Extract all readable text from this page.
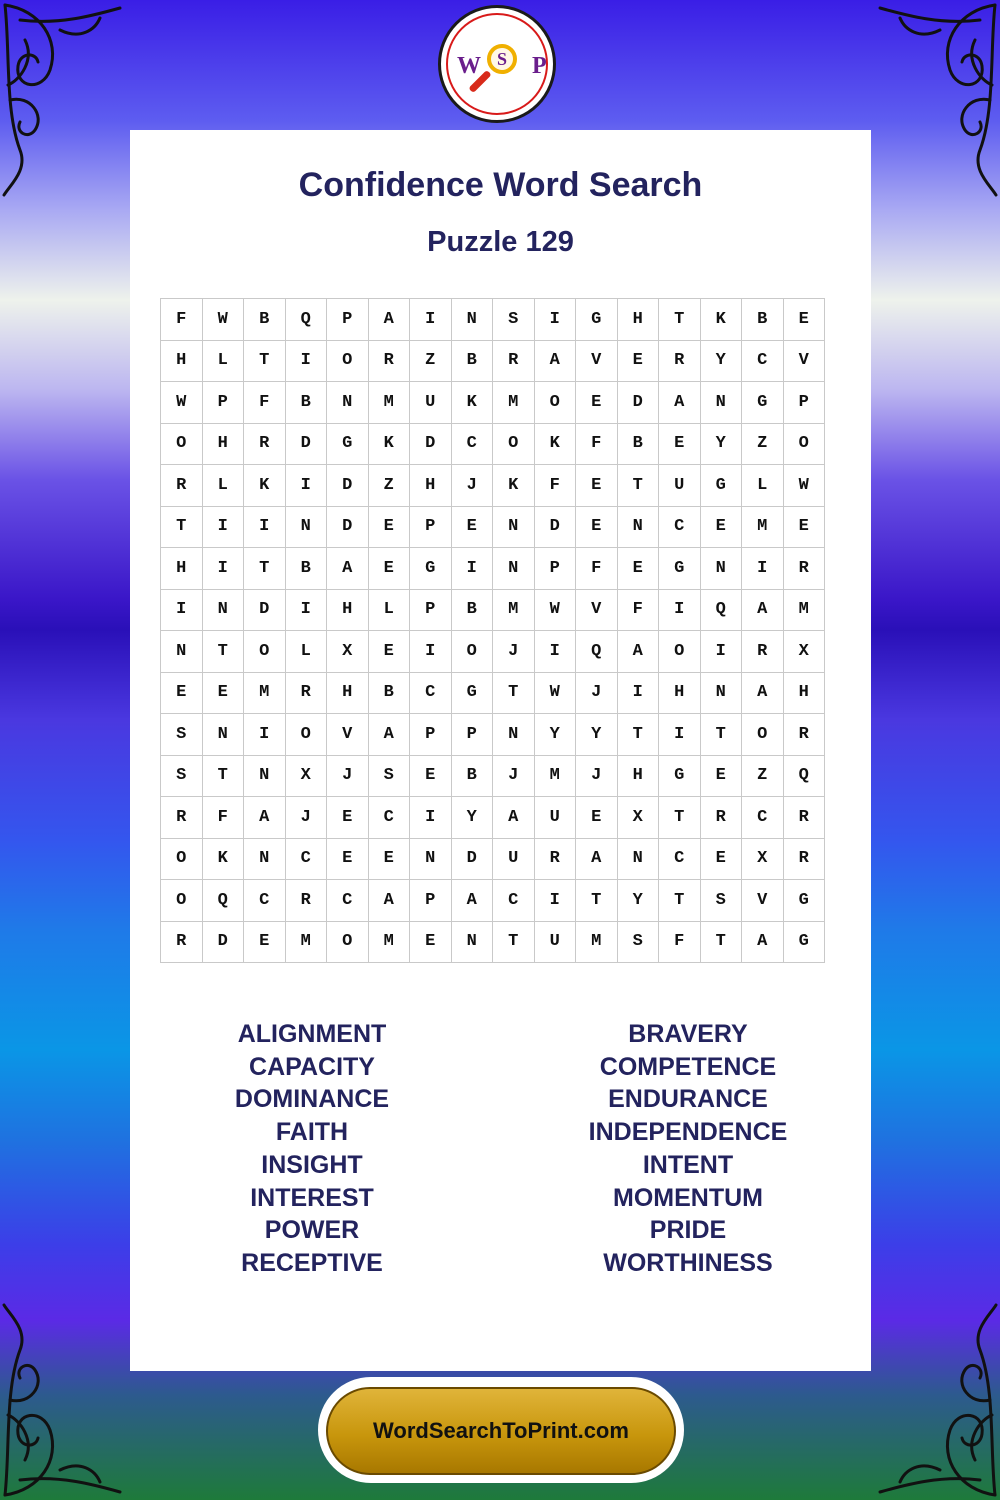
W S	P
Confidence Word Search
Puzzle 129
F	W	B	Q	P	A	I	N	S	I	G	H	T	K	B	E
H	L	T	I	O	R	Z	B	R	A	V	E	R	Y	C	V
W	P	F	B	N	M	U	K	M	O	E	D	A	N	G	P
O	H	R	D	G	K	D	C	O	K	F	B	E	Y	Z	O
R	L	K	I	D	Z	H	J	K	F	E	T	U	G	L	W
T	I	I	N	D	E	P	E	N	D	E	N	C	E	M	E
H	I	T	B	A	E	G	I	N	P	F	E	G	N	I	R
I	N	D	I	H	L	P	B	M	W	V	F	I	Q	A	M
N	T	O	L	X	E	I	O	J	I	Q	A	O	I	R	X
E	E	M	R	H	B	C	G	T	W	J	I	H	N	A	H
S	N	I	O	V	A	P	P	N	Y	Y	T	I	T	O	R
S	T	N	X	J	S	E	B	J	M	J	H	G	E	Z	Q
R	F	A	J	E	C	I	Y	A	U	E	X	T	R	C	R
O	K	N	C	E	E	N	D	U	R	A	N	C	E	X	R
O	Q	C	R	C	A	P	A	C	I	T	Y	T	S	V	G
R	D	E	M	O	M	E	N	T	U	M	S	F	T	A	G
ALIGNMENT
CAPACITY
DOMINANCE
FAITH
INSIGHT
INTEREST
POWER
RECEPTIVE
BRAVERY
COMPETENCE
ENDURANCE
INDEPENDENCE
INTENT
MOMENTUM
PRIDE
WORTHINESS
WordSearchToPrint.com
